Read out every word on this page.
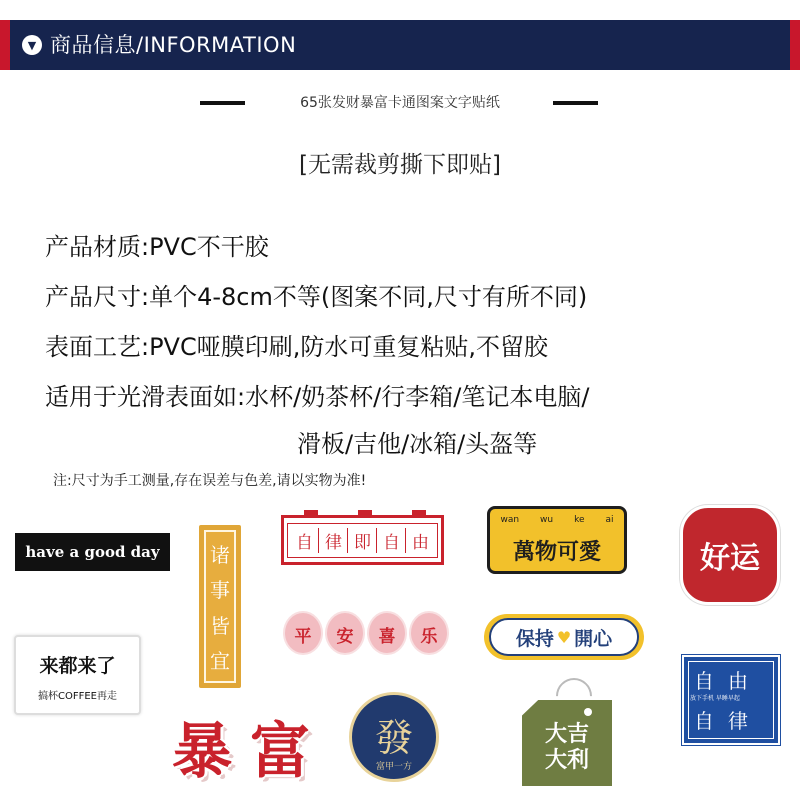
▼ 商品信息/INFORMATION
65张发财暴富卡通图案文字贴纸
[无需裁剪撕下即贴]
产品材质:PVC不干胶
产品尺寸:单个4-8cm不等(图案不同,尺寸有所不同)
表面工艺:PVC哑膜印刷,防水可重复粘贴,不留胶
适用于光滑表面如:水杯/奶茶杯/行李箱/笔记本电脑/
滑板/吉他/冰箱/头盔等
注:尺寸为手工测量,存在误差与色差,请以实物为准!
have a good day	诸
事
皆
宜
自 律 即 自 由
wan wu ke ai
萬物可愛	好运
平	安	喜	乐	保持 ♥ 開心
来都来了
搞杯COFFEE再走
暴 富	發
富甲一方
大吉
大利
自由
放下手机 早睡早起
自律
